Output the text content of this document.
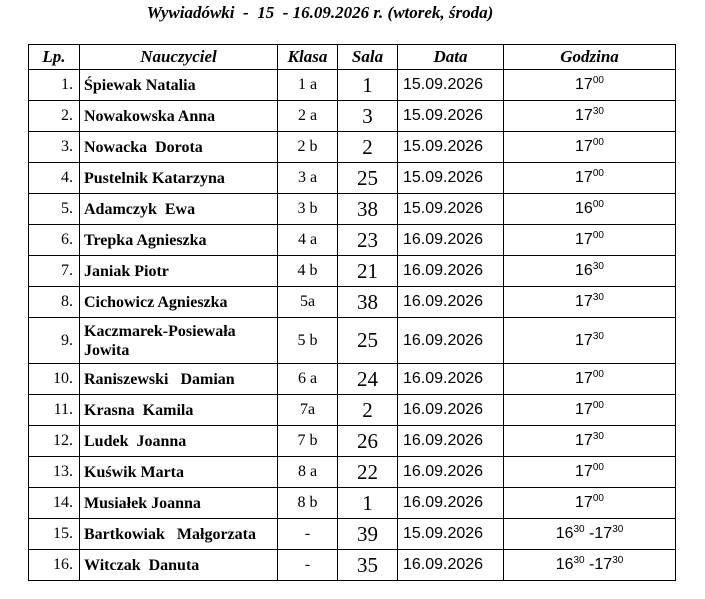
Wywiadówki  -  15  - 16.09.2026 r. (wtorek, środa)
Lp.	Nauczyciel	Klasa	Sala	Data	Godzina
1.	Śpiewak Natalia	1 a	1	15.09.2026	$17^{00}$
2.	Nowakowska Anna	2 a	3	15.09.2026	$17^{30}$
3.	Nowacka  Dorota	2 b	2	15.09.2026	$17^{00}$
4.	Pustelnik Katarzyna	3 a	25	15.09.2026	$17^{00}$
5.	Adamczyk  Ewa	3 b	38	15.09.2026	$16^{00}$
6.	Trepka Agnieszka	4 a	23	16.09.2026	$17^{00}$
7.	Janiak Piotr	4 b	21	16.09.2026	$16^{30}$
8.	Cichowicz Agnieszka	5a	38	16.09.2026	$17^{30}$
9.	Kaczmarek-Posiewała
Jowita	5 b	25	16.09.2026	$17^{30}$
10.	Raniszewski   Damian	6 a	24	16.09.2026	$17^{00}$
11.	Krasna  Kamila	7a	2	16.09.2026	$17^{00}$
12.	Ludek  Joanna	7 b	26	16.09.2026	$17^{30}$
13.	Kuświk Marta	8 a	22	16.09.2026	$17^{00}$
14.	Musiałek Joanna	8 b	1	16.09.2026	$17^{00}$
15.	Bartkowiak   Małgorzata	-	39	15.09.2026	$16^{30}$ $-17^{30}$
16.	Witczak  Danuta	-	35	16.09.2026	$16^{30}$ $-17^{30}$
